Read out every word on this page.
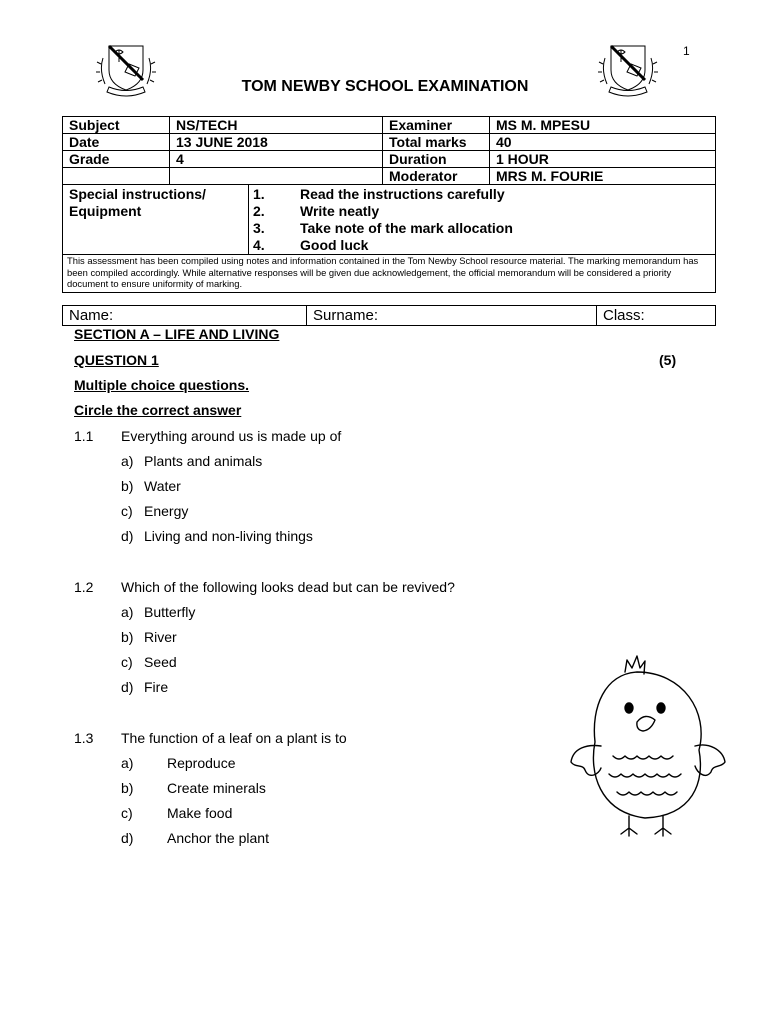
1
TOM NEWBY SCHOOL EXAMINATION
Subject	NS/TECH	Examiner	MS M. MPESU
Date	13 JUNE 2018	Total marks	40
Grade	4	Duration	1 HOUR
		Moderator	MRS M. FOURIE
Special instructions/
Equipment
1.	Read the instructions carefully
2.	Write neatly
3.	Take note of the mark allocation
4.	Good luck
This assessment has been compiled using notes and information contained in the Tom Newby School resource material. The marking memorandum has been compiled accordingly. While alternative responses will be given due acknowledgement, the official memorandum will be considered a priority document to ensure uniformity of marking.
Name:	Surname:	Class:
SECTION A – LIFE AND LIVING
QUESTION 1	(5)
Multiple choice questions.
Circle the correct answer
1.1 Everything around us is made up of
a) Plants and animals
b) Water
c) Energy
d) Living and non-living things
1.2 Which of the following looks dead but can be revived?
a) Butterfly
b) River
c) Seed
d) Fire
1.3 The function of a leaf on a plant is to
a) Reproduce
b) Create minerals
c) Make food
d) Anchor the plant
